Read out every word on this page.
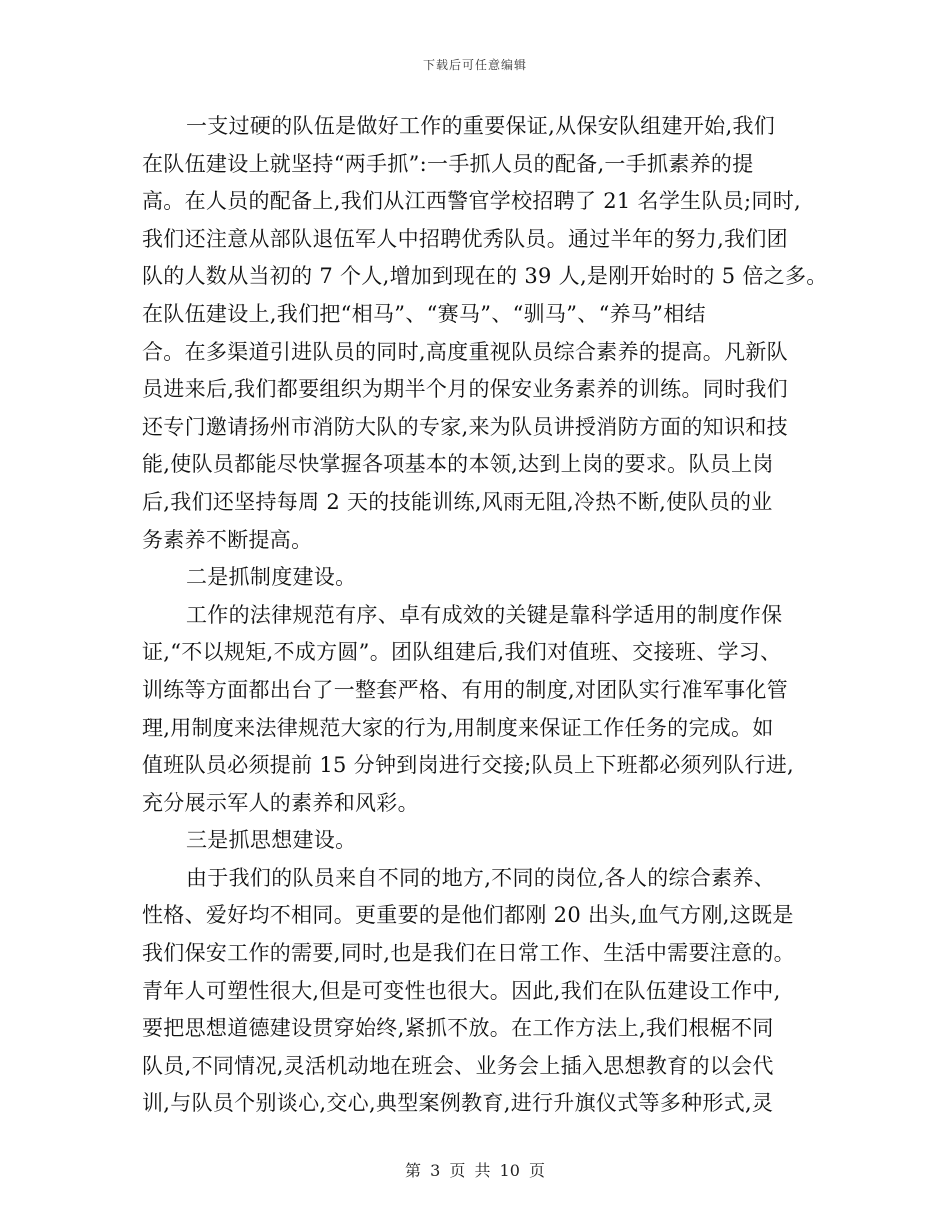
下载后可任意编辑
一支过硬的队伍是做好工作的重要保证,从保安队组建开始,我们
在队伍建设上就坚持“两手抓”:一手抓人员的配备,一手抓素养的提
高。在人员的配备上,我们从江西警官学校招聘了 21 名学生队员;同时,
我们还注意从部队退伍军人中招聘优秀队员。通过半年的努力,我们团
队的人数从当初的 7 个人,增加到现在的 39 人,是刚开始时的 5 倍之多。
在队伍建设上,我们把“相马”、“赛马”、“驯马”、“养马”相结
合。在多渠道引进队员的同时,高度重视队员综合素养的提高。凡新队
员进来后,我们都要组织为期半个月的保安业务素养的训练。同时我们
还专门邀请扬州市消防大队的专家,来为队员讲授消防方面的知识和技
能,使队员都能尽快掌握各项基本的本领,达到上岗的要求。队员上岗
后,我们还坚持每周 2 天的技能训练,风雨无阻,冷热不断,使队员的业
务素养不断提高。
二是抓制度建设。
工作的法律规范有序、卓有成效的关键是靠科学适用的制度作保
证,“不以规矩,不成方圆”。团队组建后,我们对值班、交接班、学习、
训练等方面都出台了一整套严格、有用的制度,对团队实行准军事化管
理,用制度来法律规范大家的行为,用制度来保证工作任务的完成。如
值班队员必须提前 15 分钟到岗进行交接;队员上下班都必须列队行进,
充分展示军人的素养和风彩。
三是抓思想建设。
由于我们的队员来自不同的地方,不同的岗位,各人的综合素养、
性格、爱好均不相同。更重要的是他们都刚 20 出头,血气方刚,这既是
我们保安工作的需要,同时,也是我们在日常工作、生活中需要注意的。
青年人可塑性很大,但是可变性也很大。因此,我们在队伍建设工作中,
要把思想道德建设贯穿始终,紧抓不放。在工作方法上,我们根椐不同
队员,不同情况,灵活机动地在班会、业务会上插入思想教育的以会代
训,与队员个别谈心,交心,典型案例教育,进行升旗仪式等多种形式,灵
第 3 页 共 10 页
